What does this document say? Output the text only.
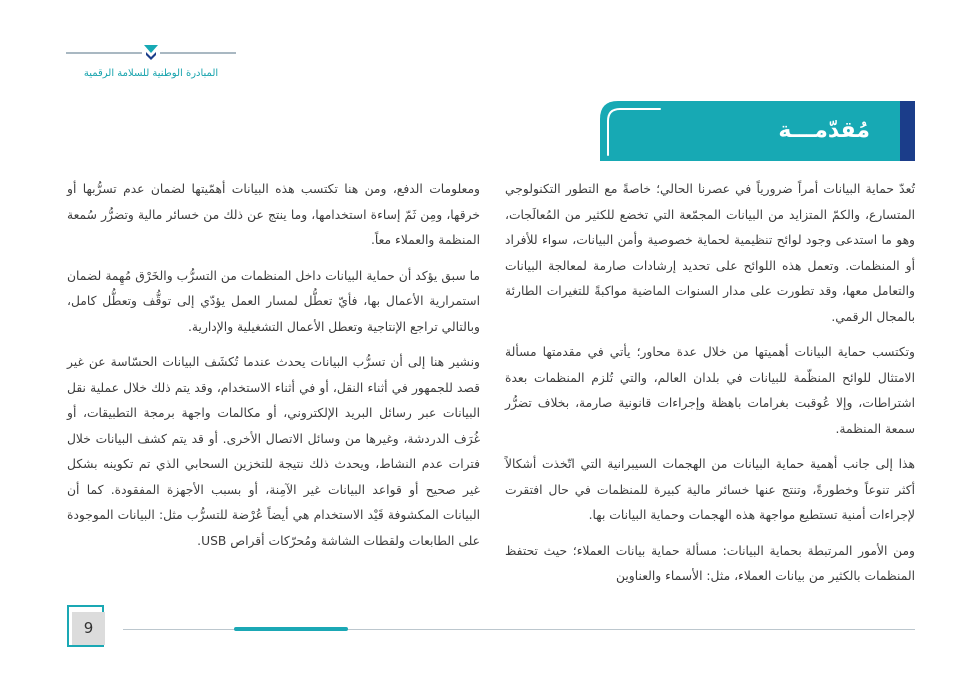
المبادرة الوطنية للسلامة الرقمية
مُقدّمـــة

تُعدّ حماية البيانات أمراً ضرورياً في عصرنا الحالي؛ خاصةً مع التطور التكنولوجي المتسارع، والكمّ المتزايد من البيانات المجمّعة التي تخضع للكثير من المُعالَجات، وهو ما استدعى وجود لوائح تنظيمية لحماية خصوصية وأمن البيانات، سواء للأفراد أو المنظمات. وتعمل هذه اللوائح على تحديد إرشادات صارمة لمعالجة البيانات والتعامل معها، وقد تطورت على مدار السنوات الماضية مواكبةً للتغيرات الطارئة بالمجال الرقمي.

وتكتسب حماية البيانات أهميتها من خلال عدة محاور؛ يأتي في مقدمتها مسألة الامتثال للوائح المنظّمة للبيانات في بلدان العالم، والتي تُلزم المنظمات بعدة اشتراطات، وإلا عُوقبت بغرامات باهظة وإجراءات قانونية صارمة، بخلاف تضرُّر سمعة المنظمة.

هذا إلى جانب أهمية حماية البيانات من الهجمات السيبرانية التي اتّخذت أشكالاً أكثر تنوعاً وخطورةً، وتنتج عنها خسائر مالية كبيرة للمنظمات في حال افتقرت لإجراءات أمنية تستطيع مواجهة هذه الهجمات وحماية البيانات بها.

ومن الأمور المرتبطة بحماية البيانات: مسألة حماية بيانات العملاء؛ حيث تحتفظ المنظمات بالكثير من بيانات العملاء، مثل: الأسماء والعناوين

ومعلومات الدفع، ومن هنا تكتسب هذه البيانات أهمّيتها لضمان عدم تسرُّبها أو خرقها، ومِن ثَمّ إساءة استخدامها، وما ينتج عن ذلك من خسائر مالية وتضرُّر سُمعة المنظمة والعملاء معاً.

ما سبق يؤكد أن حماية البيانات داخل المنظمات من التسرُّب والخَرْق مُهِمة لضمان استمرارية الأعمال بها، فأيّ تعطُّل لمسار العمل يؤدّي إلى توقُّف وتعطُّل كامل، وبالتالي تراجع الإنتاجية وتعطل الأعمال التشغيلية والإدارية.

ونشير هنا إلى أن تسرُّب البيانات يحدث عندما تُكشَف البيانات الحسّاسة عن غير قصد للجمهور في أثناء النقل، أو في أثناء الاستخدام، وقد يتم ذلك خلال عملية نقل البيانات عبر رسائل البريد الإلكتروني، أو مكالمات واجهة برمجة التطبيقات، أو غُرَف الدردشة، وغيرها من وسائل الاتصال الأخرى. أو قد يتم كشف البيانات خلال فترات عدم النشاط، ويحدث ذلك نتيجة للتخزين السحابي الذي تم تكوينه بشكل غير صحيح أو قواعد البيانات غير الآمِنة، أو بسبب الأجهزة المفقودة. كما أن البيانات المكشوفة قَيْد الاستخدام هي أيضاً عُرْضة للتسرُّب مثل: البيانات الموجودة على الطابعات ولقطات الشاشة ومُحرّكات أقراص USB.

9
